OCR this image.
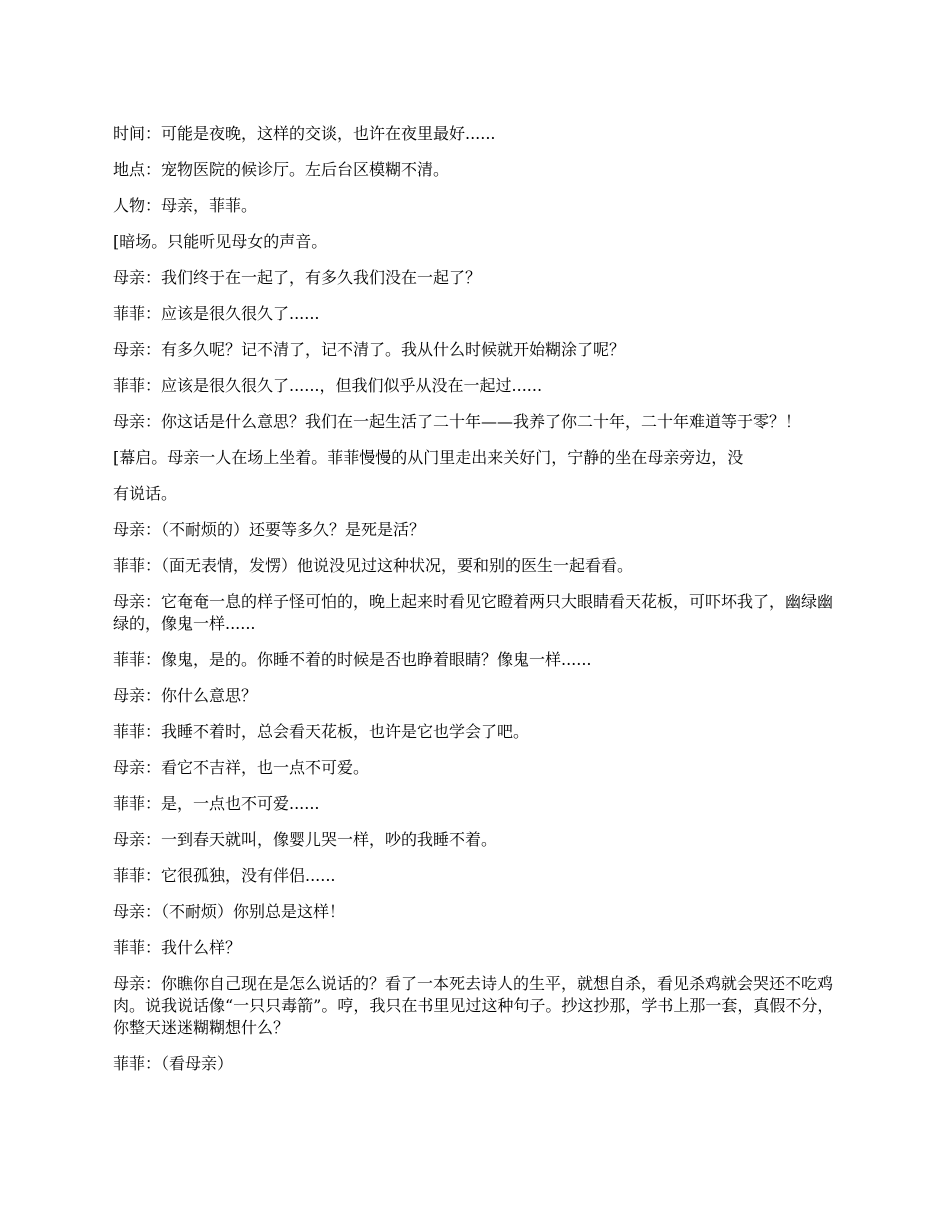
时间：可能是夜晚，这样的交谈，也许在夜里最好......

地点：宠物医院的候诊厅。左后台区模糊不清。

人物：母亲，菲菲。

[暗场。只能听见母女的声音。

母亲：我们终于在一起了，有多久我们没在一起了？

菲菲：应该是很久很久了......

母亲：有多久呢？记不清了，记不清了。我从什么时候就开始糊涂了呢？

菲菲：应该是很久很久了......，但我们似乎从没在一起过......

母亲：你这话是什么意思？我们在一起生活了二十年——我养了你二十年，二十年难道等于零？！

[幕启。母亲一人在场上坐着。菲菲慢慢的从门里走出来关好门，宁静的坐在母亲旁边，没

有说话。

母亲：（不耐烦的）还要等多久？是死是活？

菲菲：（面无表情，发愣）他说没见过这种状况，要和别的医生一起看看。

母亲：它奄奄一息的样子怪可怕的，晚上起来时看见它瞪着两只大眼睛看天花板，可吓坏我了，幽绿幽绿的，像鬼一样......

菲菲：像鬼，是的。你睡不着的时候是否也睁着眼睛？像鬼一样......

母亲：你什么意思？

菲菲：我睡不着时，总会看天花板，也许是它也学会了吧。

母亲：看它不吉祥，也一点不可爱。

菲菲：是，一点也不可爱......

母亲：一到春天就叫，像婴儿哭一样，吵的我睡不着。

菲菲：它很孤独，没有伴侣......

母亲：（不耐烦）你别总是这样！

菲菲：我什么样？

母亲：你瞧你自己现在是怎么说话的？看了一本死去诗人的生平，就想自杀，看见杀鸡就会哭还不吃鸡肉。说我说话像“一只只毒箭”。哼，我只在书里见过这种句子。抄这抄那，学书上那一套，真假不分，你整天迷迷糊糊想什么？

菲菲：（看母亲）
